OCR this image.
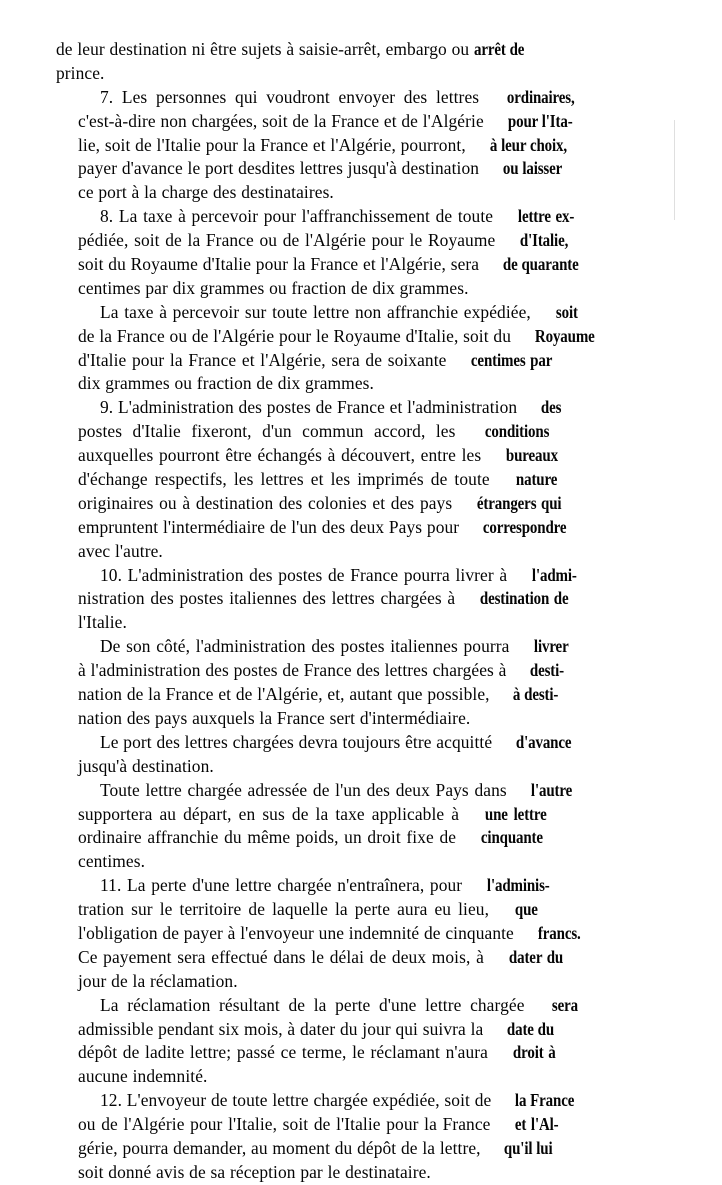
de leur destination ni être sujets à saisie-arrêt, embargo ou arrêt de
prince.

7. Les personnes qui voudront envoyer des lettres ordinaires,
c'est-à-dire non chargées, soit de la France et de l'Algérie pour l'Ita-
lie, soit de l'Italie pour la France et l'Algérie, pourront, à leur choix,
payer d'avance le port desdites lettres jusqu'à destination ou laisser
ce port à la charge des destinataires.

8. La taxe à percevoir pour l'affranchissement de toute lettre ex-
pédiée, soit de la France ou de l'Algérie pour le Royaume d'Italie,
soit du Royaume d'Italie pour la France et l'Algérie, sera de quarante
centimes par dix grammes ou fraction de dix grammes.

La taxe à percevoir sur toute lettre non affranchie expédiée, soit
de la France ou de l'Algérie pour le Royaume d'Italie, soit du Royaume
d'Italie pour la France et l'Algérie, sera de soixante centimes par
dix grammes ou fraction de dix grammes.

9. L'administration des postes de France et l'administration des
postes d'Italie fixeront, d'un commun accord, les conditions
auxquelles pourront être échangés à découvert, entre les bureaux
d'échange respectifs, les lettres et les imprimés de toute nature
originaires ou à destination des colonies et des pays étrangers qui
empruntent l'intermédiaire de l'un des deux Pays pour correspondre
avec l'autre.

10. L'administration des postes de France pourra livrer à l'admi-
nistration des postes italiennes des lettres chargées à destination de
l'Italie.

De son côté, l'administration des postes italiennes pourra livrer
à l'administration des postes de France des lettres chargées à desti-
nation de la France et de l'Algérie, et, autant que possible, à desti-
nation des pays auxquels la France sert d'intermédiaire.

Le port des lettres chargées devra toujours être acquitté d'avance
jusqu'à destination.

Toute lettre chargée adressée de l'un des deux Pays dans l'autre
supportera au départ, en sus de la taxe applicable à une lettre
ordinaire affranchie du même poids, un droit fixe de cinquante
centimes.

11. La perte d'une lettre chargée n'entraînera, pour l'adminis-
tration sur le territoire de laquelle la perte aura eu lieu, que
l'obligation de payer à l'envoyeur une indemnité de cinquante francs.
Ce payement sera effectué dans le délai de deux mois, à dater du
jour de la réclamation.

La réclamation résultant de la perte d'une lettre chargée sera
admissible pendant six mois, à dater du jour qui suivra la date du
dépôt de ladite lettre; passé ce terme, le réclamant n'aura droit à
aucune indemnité.

12. L'envoyeur de toute lettre chargée expédiée, soit de la France
ou de l'Algérie pour l'Italie, soit de l'Italie pour la France et l'Al-
gérie, pourra demander, au moment du dépôt de la lettre, qu'il lui
soit donné avis de sa réception par le destinataire.
